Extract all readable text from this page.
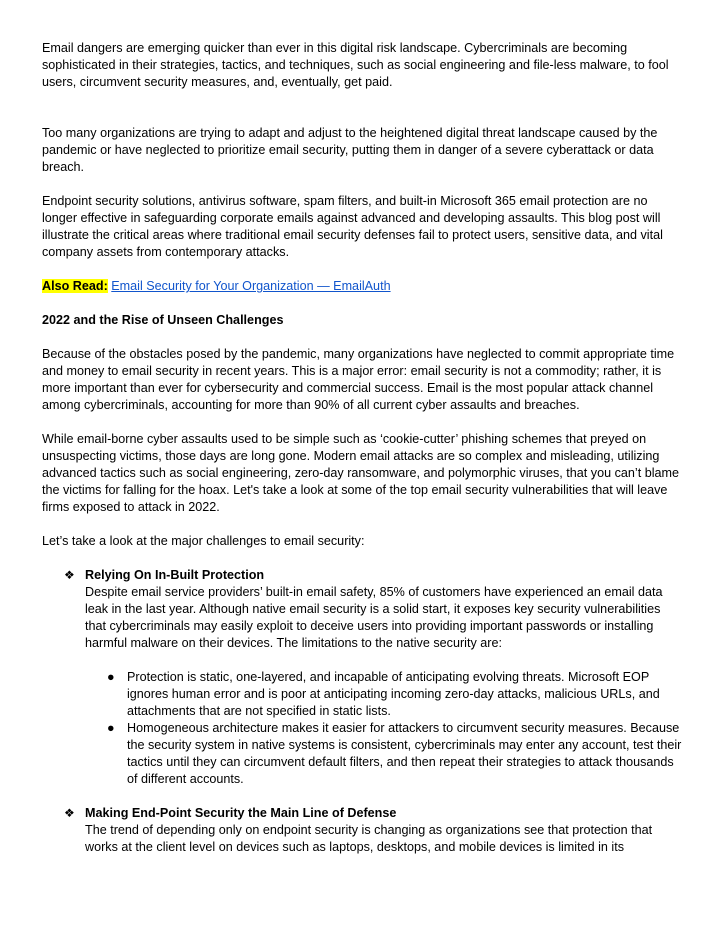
Email dangers are emerging quicker than ever in this digital risk landscape. Cybercriminals are becoming sophisticated in their strategies, tactics, and techniques, such as social engineering and file-less malware, to fool users, circumvent security measures, and, eventually, get paid.

Too many organizations are trying to adapt and adjust to the heightened digital threat landscape caused by the pandemic or have neglected to prioritize email security, putting them in danger of a severe cyberattack or data breach.

Endpoint security solutions, antivirus software, spam filters, and built-in Microsoft 365 email protection are no longer effective in safeguarding corporate emails against advanced and developing assaults. This blog post will illustrate the critical areas where traditional email security defenses fail to protect users, sensitive data, and vital company assets from contemporary attacks.

Also Read: Email Security for Your Organization — EmailAuth

2022 and the Rise of Unseen Challenges

Because of the obstacles posed by the pandemic, many organizations have neglected to commit appropriate time and money to email security in recent years. This is a major error: email security is not a commodity; rather, it is more important than ever for cybersecurity and commercial success. Email is the most popular attack channel among cybercriminals, accounting for more than 90% of all current cyber assaults and breaches.

While email-borne cyber assaults used to be simple such as ‘cookie-cutter’ phishing schemes that preyed on unsuspecting victims, those days are long gone. Modern email attacks are so complex and misleading, utilizing advanced tactics such as social engineering, zero-day ransomware, and polymorphic viruses, that you can’t blame the victims for falling for the hoax. Let's take a look at some of the top email security vulnerabilities that will leave firms exposed to attack in 2022.

Let’s take a look at the major challenges to email security:

❖ Relying On In-Built Protection
Despite email service providers’ built-in email safety, 85% of customers have experienced an email data leak in the last year. Although native email security is a solid start, it exposes key security vulnerabilities that cybercriminals may easily exploit to deceive users into providing important passwords or installing harmful malware on their devices. The limitations to the native security are:
● Protection is static, one-layered, and incapable of anticipating evolving threats. Microsoft EOP ignores human error and is poor at anticipating incoming zero-day attacks, malicious URLs, and attachments that are not specified in static lists.
● Homogeneous architecture makes it easier for attackers to circumvent security measures. Because the security system in native systems is consistent, cybercriminals may enter any account, test their tactics until they can circumvent default filters, and then repeat their strategies to attack thousands of different accounts.
❖ Making End-Point Security the Main Line of Defense
The trend of depending only on endpoint security is changing as organizations see that protection that works at the client level on devices such as laptops, desktops, and mobile devices is limited in its
